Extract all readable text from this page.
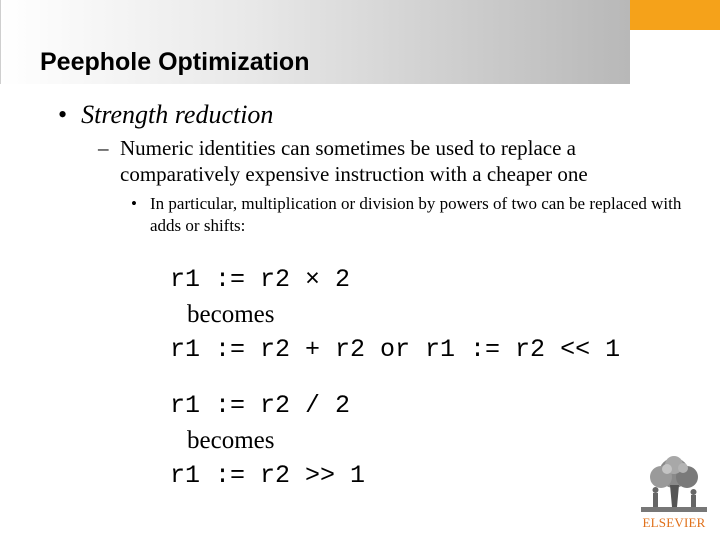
Peephole Optimization
• Strength reduction
– Numeric identities can sometimes be used to replace a comparatively expensive instruction with a cheaper one
• In particular, multiplication or division by powers of two can be replaced with adds or shifts:
r1 := r2 × 2
becomes
r1 := r2 + r2 or r1 := r2 << 1
r1 := r2 / 2
becomes
r1 := r2 >> 1
ELSEVIER
